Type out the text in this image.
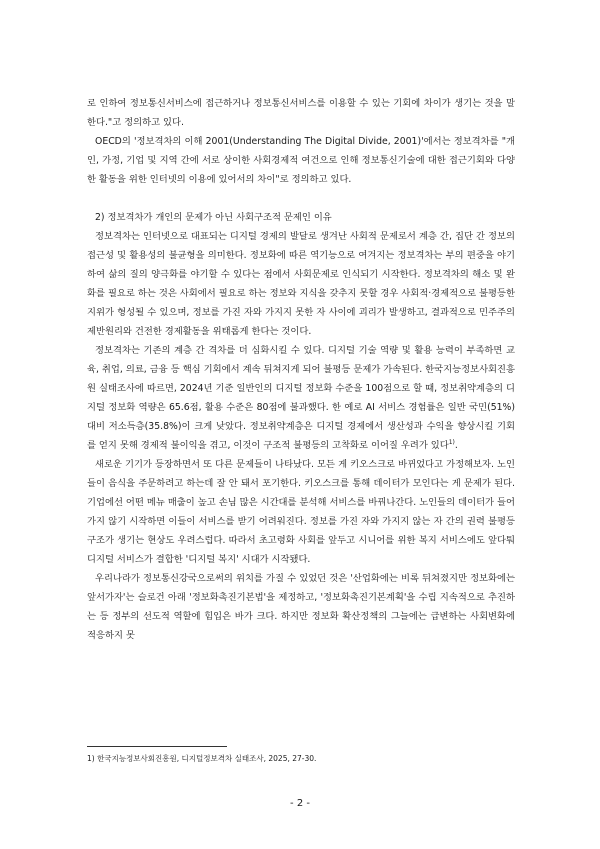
로 인하여 정보통신서비스에 접근하거나 정보통신서비스를 이용할 수 있는 기회에 차이가 생기는 것을 말한다."고 정의하고 있다.

OECD의 '정보격차의 이해 2001(Understanding The Digital Divide, 2001)'에서는 정보격차를 "개인, 가정, 기업 및 지역 간에 서로 상이한 사회경제적 여건으로 인해 정보통신기술에 대한 접근기회와 다양한 활동을 위한 인터넷의 이용에 있어서의 차이"로 정의하고 있다.

2) 정보격차가 개인의 문제가 아닌 사회구조적 문제인 이유

정보격차는 인터넷으로 대표되는 디지털 경제의 발달로 생겨난 사회적 문제로서 계층 간, 집단 간 정보의 접근성 및 활용성의 불균형을 의미한다. 정보화에 따른 역기능으로 여겨지는 정보격차는 부의 편중을 야기하여 삶의 질의 양극화를 야기할 수 있다는 점에서 사회문제로 인식되기 시작한다. 정보격차의 해소 및 완화를 필요로 하는 것은 사회에서 필요로 하는 정보와 지식을 갖추지 못할 경우 사회적·경제적으로 불평등한 지위가 형성될 수 있으며, 정보를 가진 자와 가지지 못한 자 사이에 괴리가 발생하고, 결과적으로 민주주의 제반원리와 건전한 경제활동을 위태롭게 한다는 것이다.

정보격차는 기존의 계층 간 격차를 더 심화시킬 수 있다. 디지털 기술 역량 및 활용 능력이 부족하면 교육, 취업, 의료, 금융 등 핵심 기회에서 계속 뒤쳐지게 되어 불평등 문제가 가속된다. 한국지능정보사회진흥원 실태조사에 따르면, 2024년 기준 일반인의 디지털 정보화 수준을 100점으로 할 때, 정보취약계층의 디지털 정보화 역량은 65.6점, 활용 수준은 80점에 불과했다. 한 예로 AI 서비스 경험률은 일반 국민(51%) 대비 저소득층(35.8%)이 크게 낮았다. 정보취약계층은 디지털 경제에서 생산성과 수익을 향상시킬 기회를 얻지 못해 경제적 불이익을 겪고, 이것이 구조적 불평등의 고착화로 이어질 우려가 있다$^{1)}$.

새로운 기기가 등장하면서 또 다른 문제들이 나타났다. 모든 게 키오스크로 바뀌었다고 가정해보자. 노인들이 음식을 주문하려고 하는데 잘 안 돼서 포기한다. 키오스크를 통해 데이터가 모인다는 게 문제가 된다. 기업에선 어떤 메뉴 매출이 높고 손님 많은 시간대를 분석해 서비스를 바꿔나간다. 노인들의 데이터가 들어가지 않기 시작하면 이들이 서비스를 받기 어려워진다. 정보를 가진 자와 가지지 않는 자 간의 권력 불평등 구조가 생기는 현상도 우려스럽다. 따라서 초고령화 사회를 앞두고 시니어를 위한 복지 서비스에도 앞다퉈 디지털 서비스가 결합한 '디지털 복지' 시대가 시작됐다.

우리나라가 정보통신강국으로써의 위치를 가질 수 있었던 것은 '산업화에는 비록 뒤쳐졌지만 정보화에는 앞서가자'는 슬로건 아래 '정보화촉진기본법'을 제정하고, '정보화촉진기본계획'을 수립 지속적으로 추진하는 등 정부의 선도적 역할에 힘입은 바가 크다. 하지만 정보화 확산정책의 그늘에는 급변하는 사회변화에 적응하지 못

1) 한국지능정보사회진흥원, 디지털정보격차 실태조사, 2025, 27-30.
- 2 -
